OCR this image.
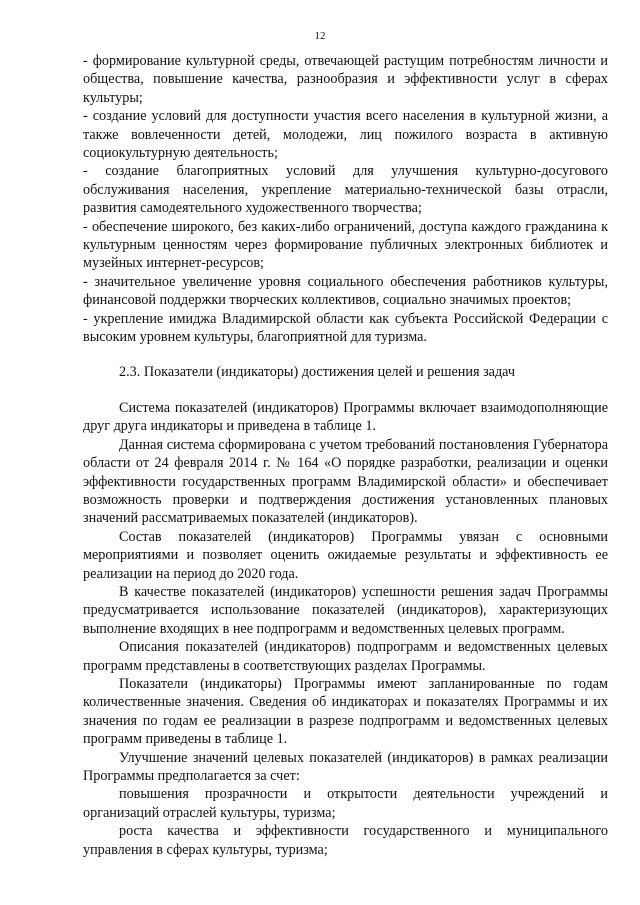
12

- формирование культурной среды, отвечающей растущим потребностям личности и общества, повышение качества, разнообразия и эффективности услуг в сферах культуры;

- создание условий для доступности участия всего населения в культурной жизни, а также вовлеченности детей, молодежи, лиц пожилого возраста в активную социокультурную деятельность;

- создание благоприятных условий для улучшения культурно-досугового обслуживания населения, укрепление материально-технической базы отрасли, развития самодеятельного художественного творчества;

- обеспечение широкого, без каких-либо ограничений, доступа каждого гражданина к культурным ценностям через формирование публичных электронных библиотек и музейных интернет-ресурсов;

- значительное увеличение уровня социального обеспечения работников культуры, финансовой поддержки творческих коллективов, социально значимых проектов;

- укрепление имиджа Владимирской области как субъекта Российской Федерации с высоким уровнем культуры, благоприятной для туризма.

2.3. Показатели (индикаторы) достижения целей и решения задач

Система показателей (индикаторов) Программы включает взаимодополняющие друг друга индикаторы и приведена в таблице 1.

Данная система сформирована с учетом требований постановления Губернатора области от 24 февраля 2014 г. № 164 «О порядке разработки, реализации и оценки эффективности государственных программ Владимирской области» и обеспечивает возможность проверки и подтверждения достижения установленных плановых значений рассматриваемых показателей (индикаторов).

Состав показателей (индикаторов) Программы увязан с основными мероприятиями и позволяет оценить ожидаемые результаты и эффективность ее реализации на период до 2020 года.

В качестве показателей (индикаторов) успешности решения задач Программы предусматривается использование показателей (индикаторов), характеризующих выполнение входящих в нее подпрограмм и ведомственных целевых программ.

Описания показателей (индикаторов) подпрограмм и ведомственных целевых программ представлены в соответствующих разделах Программы.

Показатели (индикаторы) Программы имеют запланированные по годам количественные значения. Сведения об индикаторах и показателях Программы и их значения по годам ее реализации в разрезе подпрограмм и ведомственных целевых программ приведены в таблице 1.

Улучшение значений целевых показателей (индикаторов) в рамках реализации Программы предполагается за счет:

повышения прозрачности и открытости деятельности учреждений и организаций отраслей культуры, туризма;

роста качества и эффективности государственного и муниципального управления в сферах культуры, туризма;
